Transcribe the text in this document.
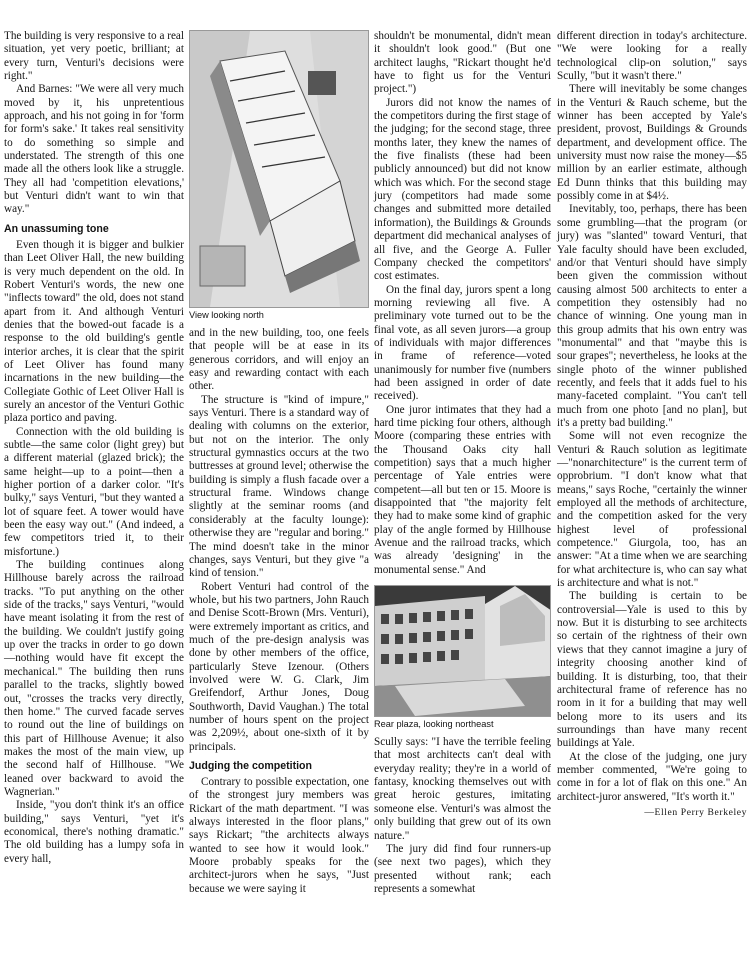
The building is very responsive to a real situation, yet very poetic, brilliant; at every turn, Venturi's decisions were right."

And Barnes: "We were all very much moved by it, his unpretentious approach, and his not going in for 'form for form's sake.' It takes real sensitivity to do something so simple and understated. The strength of this one made all the others look like a struggle. They all had 'competition elevations,' but Venturi didn't want to win that way."

An unassuming tone

Even though it is bigger and bulkier than Leet Oliver Hall, the new building is very much dependent on the old. In Robert Venturi's words, the new one "inflects toward" the old, does not stand apart from it. And although Venturi denies that the bowed-out facade is a response to the old building's gentle interior arches, it is clear that the spirit of Leet Oliver has found many incarnations in the new building—the Collegiate Gothic of Leet Oliver Hall is surely an ancestor of the Venturi Gothic plaza portico and paving.

Connection with the old building is subtle—the same color (light grey) but a different material (glazed brick); the same height—up to a point—then a higher portion of a darker color. "It's bulky," says Venturi, "but they wanted a lot of square feet. A tower would have been the easy way out." (And indeed, a few competitors tried it, to their misfortune.)

The building continues along Hillhouse barely across the railroad tracks. "To put anything on the other side of the tracks," says Venturi, "would have meant isolating it from the rest of the building. We couldn't justify going up over the tracks in order to go down—nothing would have fit except the mechanical." The building then runs parallel to the tracks, slightly bowed out, "crosses the tracks very directly, then home." The curved facade serves to round out the line of buildings on this part of Hillhouse Avenue; it also makes the most of the main view, up the second half of Hillhouse. "We leaned over backward to avoid the Wagnerian."

Inside, "you don't think it's an office building," says Venturi, "yet it's economical, there's nothing dramatic." The old building has a lumpy sofa in every hall,

View looking north

and in the new building, too, one feels that people will be at ease in its generous corridors, and will enjoy an easy and rewarding contact with each other.

The structure is "kind of impure," says Venturi. There is a standard way of dealing with columns on the exterior, but not on the interior. The only structural gymnastics occurs at the two buttresses at ground level; otherwise the building is simply a flush facade over a structural frame. Windows change slightly at the seminar rooms (and considerably at the faculty lounge): otherwise they are "regular and boring." The mind doesn't take in the minor changes, says Venturi, but they give "a kind of tension."

Robert Venturi had control of the whole, but his two partners, John Rauch and Denise Scott-Brown (Mrs. Venturi), were extremely important as critics, and much of the pre-design analysis was done by other members of the office, particularly Steve Izenour. (Others involved were W. G. Clark, Jim Greifendorf, Arthur Jones, Doug Southworth, David Vaughan.) The total number of hours spent on the project was 2,209½, about one-sixth of it by principals.

Judging the competition

Contrary to possible expectation, one of the strongest jury members was Rickart of the math department. "I was always interested in the floor plans," says Rickart; "the architects always wanted to see how it would look." Moore probably speaks for the architect-jurors when he says, "Just because we were saying it

shouldn't be monumental, didn't mean it shouldn't look good." (But one architect laughs, "Rickart thought he'd have to fight us for the Venturi project.")

Jurors did not know the names of the competitors during the first stage of the judging; for the second stage, three months later, they knew the names of the five finalists (these had been publicly announced) but did not know which was which. For the second stage jury (competitors had made some changes and submitted more detailed information), the Buildings & Grounds department did mechanical analyses of all five, and the George A. Fuller Company checked the competitors' cost estimates.

On the final day, jurors spent a long morning reviewing all five. A preliminary vote turned out to be the final vote, as all seven jurors—a group of individuals with major differences in frame of reference—voted unanimously for number five (numbers had been assigned in order of date received).

One juror intimates that they had a hard time picking four others, although Moore (comparing these entries with the Thousand Oaks city hall competition) says that a much higher percentage of Yale entries were competent—all but ten or 15. Moore is disappointed that "the majority felt they had to make some kind of graphic play of the angle formed by Hillhouse Avenue and the railroad tracks, which was already 'designing' in the monumental sense." And

Rear plaza, looking northeast

Scully says: "I have the terrible feeling that most architects can't deal with everyday reality; they're in a world of fantasy, knocking themselves out with great heroic gestures, imitating someone else. Venturi's was almost the only building that grew out of its own nature."

The jury did find four runners-up (see next two pages), which they presented without rank; each represents a somewhat

different direction in today's architecture. "We were looking for a really technological clip-on solution," says Scully, "but it wasn't there."

There will inevitably be some changes in the Venturi & Rauch scheme, but the winner has been accepted by Yale's president, provost, Buildings & Grounds department, and development office. The university must now raise the money—$5 million by an earlier estimate, although Ed Dunn thinks that this building may possibly come in at $4½.

Inevitably, too, perhaps, there has been some grumbling—that the program (or jury) was "slanted" toward Venturi, that Yale faculty should have been excluded, and/or that Venturi should have simply been given the commission without causing almost 500 architects to enter a competition they ostensibly had no chance of winning. One young man in this group admits that his own entry was "monumental" and that "maybe this is sour grapes"; nevertheless, he looks at the single photo of the winner published recently, and feels that it adds fuel to his many-faceted complaint. "You can't tell much from one photo [and no plan], but it's a pretty bad building."

Some will not even recognize the Venturi & Rauch solution as legitimate—"nonarchitecture" is the current term of opprobrium. "I don't know what that means," says Roche, "certainly the winner employed all the methods of architecture, and the competition asked for the very highest level of professional competence." Giurgola, too, has an answer: "At a time when we are searching for what architecture is, who can say what is architecture and what is not."

The building is certain to be controversial—Yale is used to this by now. But it is disturbing to see architects so certain of the rightness of their own views that they cannot imagine a jury of integrity choosing another kind of building. It is disturbing, too, that their architectural frame of reference has no room in it for a building that may well belong more to its users and its surroundings than have many recent buildings at Yale.

At the close of the judging, one jury member commented, "We're going to come in for a lot of flak on this one." An architect-juror answered, "It's worth it."

—Ellen Perry Berkeley
